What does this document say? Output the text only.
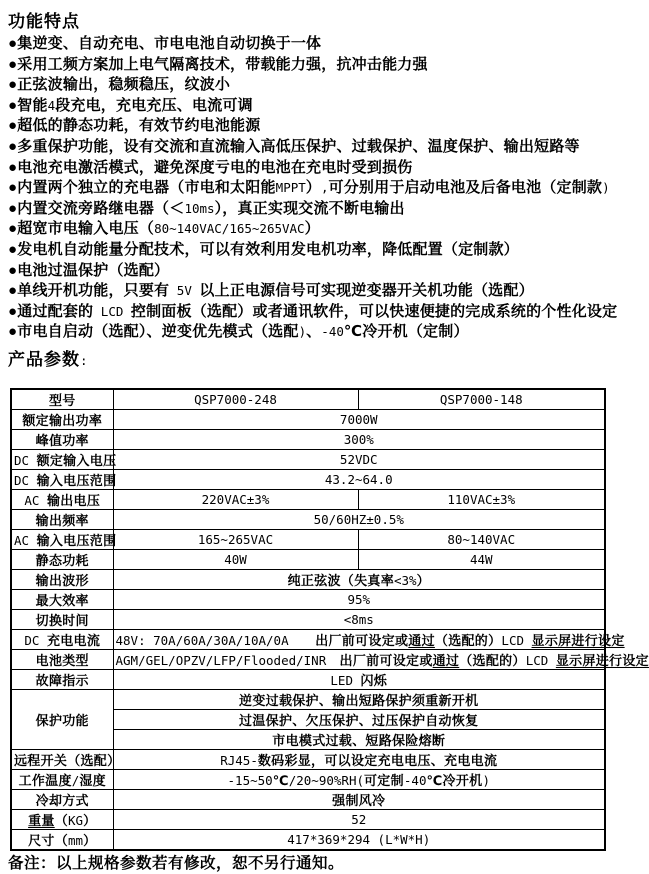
功能特点
●集逆变、自动充电、市电电池自动切换于一体
●采用工频方案加上电气隔离技术，带载能力强，抗冲击能力强
●正弦波输出，稳频稳压，纹波小
●智能4段充电，充电充压、电流可调
●超低的静态功耗，有效节约电池能源
●多重保护功能，设有交流和直流输入高低压保护、过载保护、温度保护、输出短路等
●电池充电激活模式，避免深度亏电的电池在充电时受到损伤
●内置两个独立的充电器（市电和太阳能MPPT）,可分别用于启动电池及后备电池（定制款)
●内置交流旁路继电器（＜10ms），真正实现交流不断电输出
●超宽市电输入电压（80~140VAC/165~265VAC）
●发电机自动能量分配技术，可以有效利用发电机功率，降低配置（定制款）
●电池过温保护（选配）
●单线开机功能，只要有 5V 以上正电源信号可实现逆变器开关机功能（选配）
●通过配套的 LCD 控制面板（选配）或者通讯软件，可以快速便捷的完成系统的个性化设定
●市电自启动（选配）、逆变优先模式（选配)、-40℃冷开机（定制）
产品参数:
型号	QSP7000-248	QSP7000-148
额定输出功率	7000W	
峰值功率	300%	
DC 额定输入电压	52VDC	
DC 输入电压范围	43.2~64.0	
AC 输出电压	220VAC±3%	110VAC±3%
输出频率	50/60HZ±0.5%	
AC 输入电压范围	165~265VAC	80~140VAC
静态功耗	40W	44W
输出波形	纯正弦波（失真率<3%）	
最大效率	95%	
切换时间	<8ms	
DC 充电电流	48V: 70A/60A/30A/10A/0A　　出厂前可设定或通过（选配的）LCD 显示屏进行设定	
电池类型	AGM/GEL/OPZV/LFP/Flooded/INR　出厂前可设定或通过（选配的）LCD 显示屏进行设定	
故障指示	LED 闪烁	
保护功能	逆变过载保护、输出短路保护须重新开机	
	过温保护、欠压保护、过压保护自动恢复	
	市电模式过载、短路保险熔断	
远程开关（选配）	RJ45-数码彩显，可以设定充电电压、充电电流	
工作温度/湿度	-15~50℃/20~90%RH(可定制-40℃冷开机)	
冷却方式	强制风冷	
重量（KG）	52	
尺寸（mm）	417*369*294 (L*W*H)	
备注：以上规格参数若有修改，恕不另行通知。
